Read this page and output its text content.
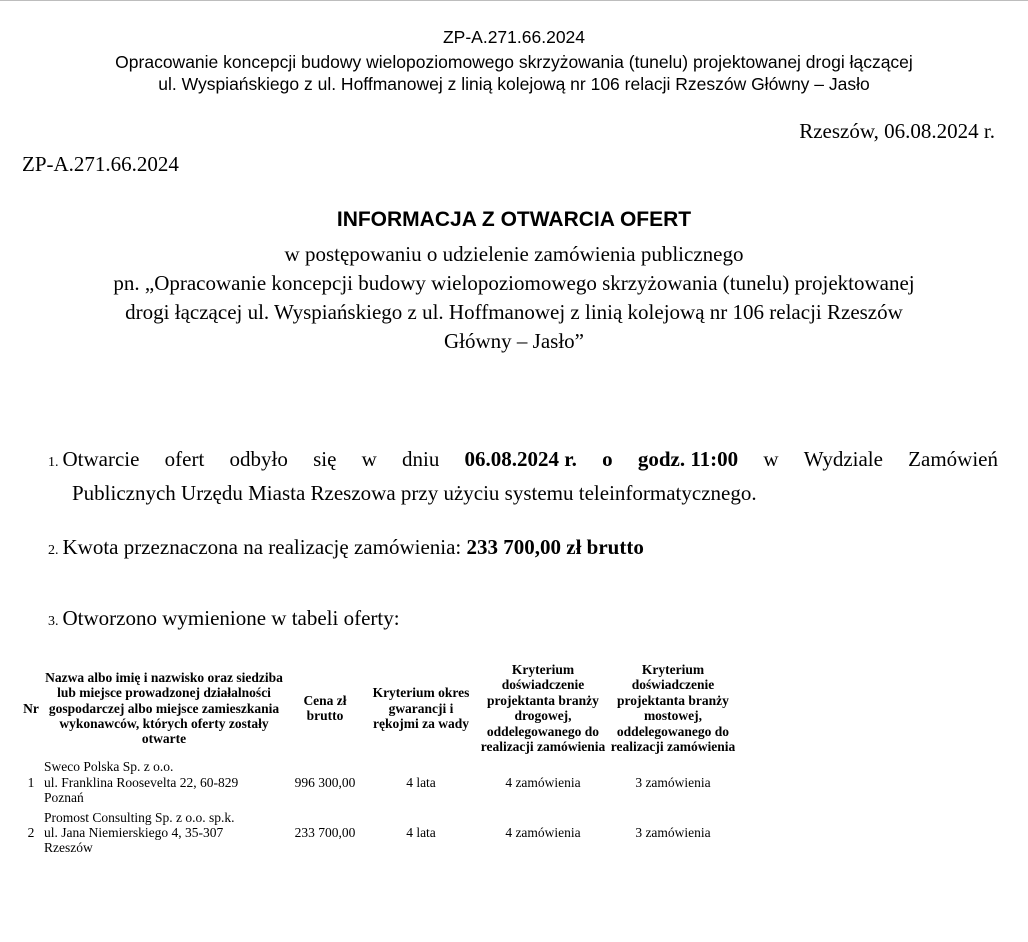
ZP-A.271.66.2024
Opracowanie koncepcji budowy wielopoziomowego skrzyżowania (tunelu) projektowanej drogi łączącej
ul. Wyspiańskiego z ul. Hoffmanowej z linią kolejową nr 106 relacji Rzeszów Główny – Jasło
Rzeszów, 06.08.2024 r.
ZP-A.271.66.2024
INFORMACJA Z OTWARCIA OFERT
w postępowaniu o udzielenie zamówienia publicznego
pn. „Opracowanie koncepcji budowy wielopoziomowego skrzyżowania (tunelu) projektowanej
drogi łączącej ul. Wyspiańskiego z ul. Hoffmanowej z linią kolejową nr 106 relacji Rzeszów
Główny – Jasło”
1. Otwarcie ofert odbyło się w dniu 06.08.2024 r. o godz. 11:00 w Wydziale Zamówień
Publicznych Urzędu Miasta Rzeszowa przy użyciu systemu teleinformatycznego.
2. Kwota przeznaczona na realizację zamówienia: 233 700,00 zł brutto
3. Otworzono wymienione w tabeli oferty:
Nr	Nazwa albo imię i nazwisko oraz siedziba lub miejsce prowadzonej działalności gospodarczej albo miejsce zamieszkania wykonawców, których oferty zostały otwarte	Cena zł brutto	Kryterium okres gwarancji i rękojmi za wady	Kryterium doświadczenie projektanta branży drogowej, oddelegowanego do realizacji zamówienia	Kryterium doświadczenie projektanta branży mostowej, oddelegowanego do realizacji zamówienia
1	Sweco Polska Sp. z o.o.
ul. Franklina Roosevelta 22, 60-829
Poznań	996 300,00	4 lata	4 zamówienia	3 zamówienia
2	Promost Consulting Sp. z o.o. sp.k.
ul. Jana Niemierskiego 4, 35-307
Rzeszów	233 700,00	4 lata	4 zamówienia	3 zamówienia
